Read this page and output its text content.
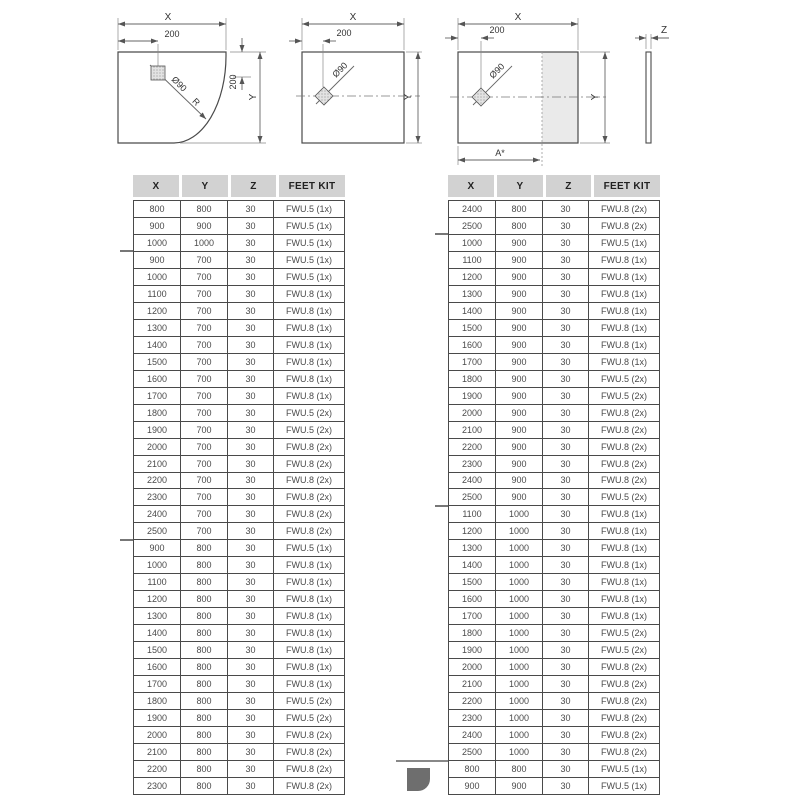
X
200
Ø90
R
200
Y
X
200
Ø90
Y
X
200
Ø90
Y
A*
Z
X	Y	Z	FEET KIT
800	800	30	FWU.5 (1x)
900	900	30	FWU.5 (1x)
1000	1000	30	FWU.5 (1x)
900	700	30	FWU.5 (1x)
1000	700	30	FWU.5 (1x)
1100	700	30	FWU.8 (1x)
1200	700	30	FWU.8 (1x)
1300	700	30	FWU.8 (1x)
1400	700	30	FWU.8 (1x)
1500	700	30	FWU.8 (1x)
1600	700	30	FWU.8 (1x)
1700	700	30	FWU.8 (1x)
1800	700	30	FWU.5 (2x)
1900	700	30	FWU.5 (2x)
2000	700	30	FWU.8 (2x)
2100	700	30	FWU.8 (2x)
2200	700	30	FWU.8 (2x)
2300	700	30	FWU.8 (2x)
2400	700	30	FWU.8 (2x)
2500	700	30	FWU.8 (2x)
900	800	30	FWU.5 (1x)
1000	800	30	FWU.8 (1x)
1100	800	30	FWU.8 (1x)
1200	800	30	FWU.8 (1x)
1300	800	30	FWU.8 (1x)
1400	800	30	FWU.8 (1x)
1500	800	30	FWU.8 (1x)
1600	800	30	FWU.8 (1x)
1700	800	30	FWU.8 (1x)
1800	800	30	FWU.5 (2x)
1900	800	30	FWU.5 (2x)
2000	800	30	FWU.8 (2x)
2100	800	30	FWU.8 (2x)
2200	800	30	FWU.8 (2x)
2300	800	30	FWU.8 (2x)
X	Y	Z	FEET KIT
2400	800	30	FWU.8 (2x)
2500	800	30	FWU.8 (2x)
1000	900	30	FWU.5 (1x)
1100	900	30	FWU.8 (1x)
1200	900	30	FWU.8 (1x)
1300	900	30	FWU.8 (1x)
1400	900	30	FWU.8 (1x)
1500	900	30	FWU.8 (1x)
1600	900	30	FWU.8 (1x)
1700	900	30	FWU.8 (1x)
1800	900	30	FWU.5 (2x)
1900	900	30	FWU.5 (2x)
2000	900	30	FWU.8 (2x)
2100	900	30	FWU.8 (2x)
2200	900	30	FWU.8 (2x)
2300	900	30	FWU.8 (2x)
2400	900	30	FWU.8 (2x)
2500	900	30	FWU.5 (2x)
1100	1000	30	FWU.8 (1x)
1200	1000	30	FWU.8 (1x)
1300	1000	30	FWU.8 (1x)
1400	1000	30	FWU.8 (1x)
1500	1000	30	FWU.8 (1x)
1600	1000	30	FWU.8 (1x)
1700	1000	30	FWU.8 (1x)
1800	1000	30	FWU.5 (2x)
1900	1000	30	FWU.5 (2x)
2000	1000	30	FWU.8 (2x)
2100	1000	30	FWU.8 (2x)
2200	1000	30	FWU.8 (2x)
2300	1000	30	FWU.8 (2x)
2400	1000	30	FWU.8 (2x)
2500	1000	30	FWU.8 (2x)
800	800	30	FWU.5 (1x)
900	900	30	FWU.5 (1x)
